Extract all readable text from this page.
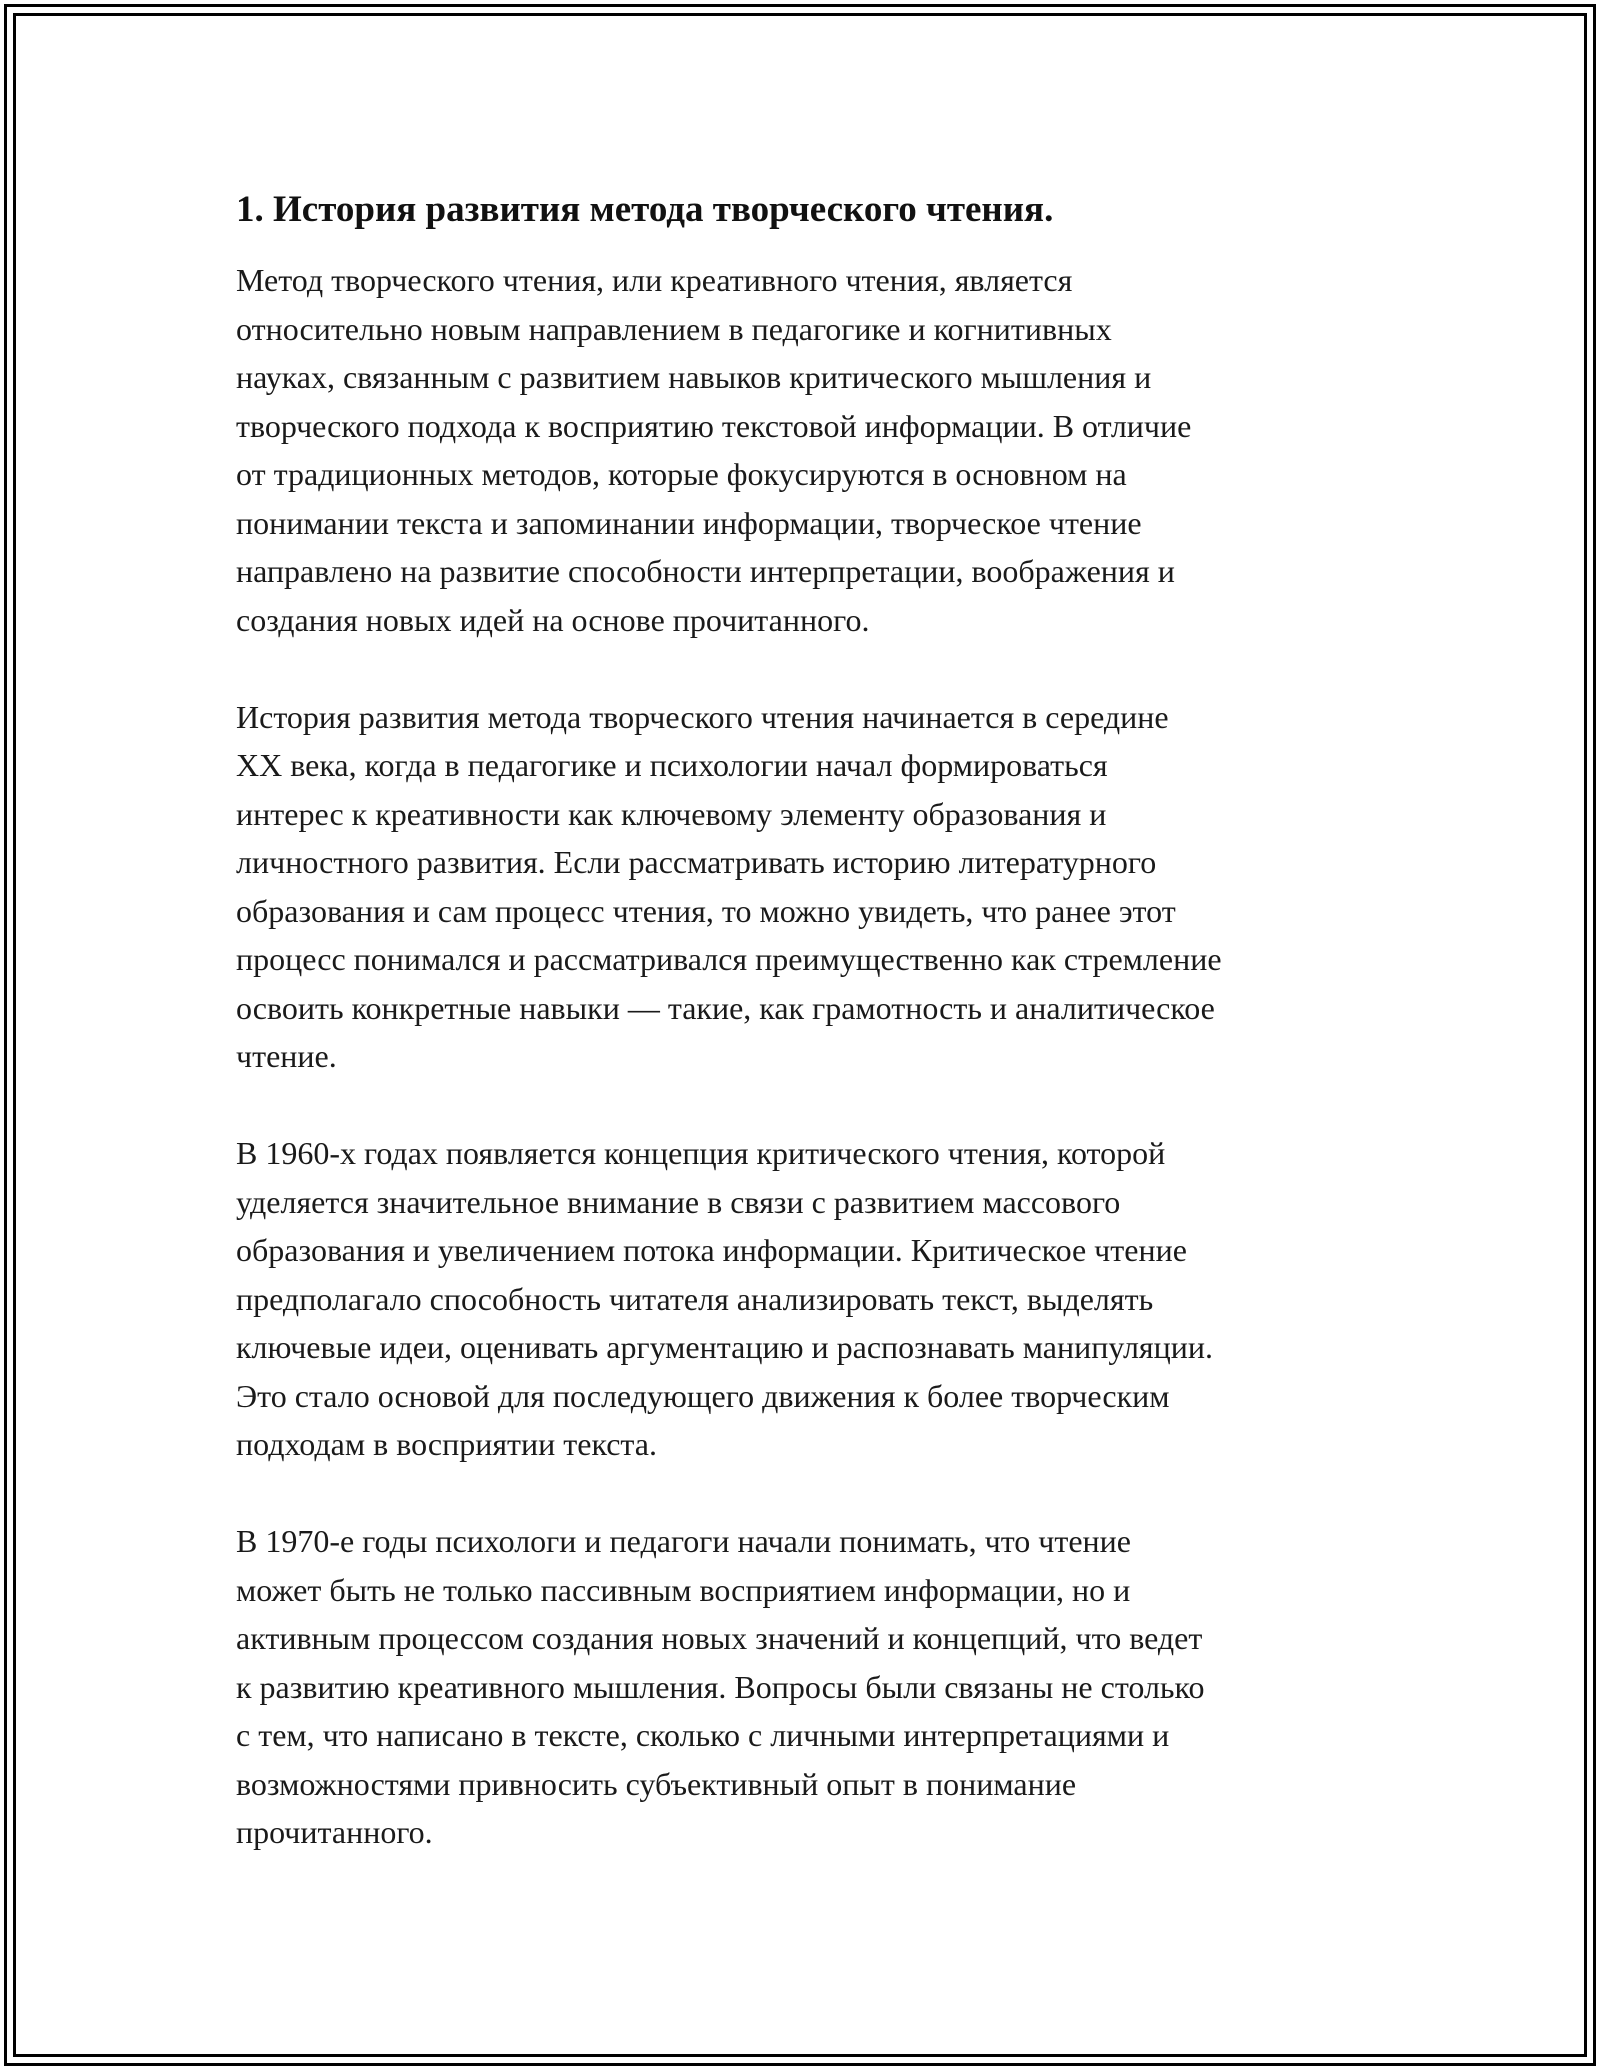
1. История развития метода творческого чтения.

Метод творческого чтения, или креативного чтения, является
относительно новым направлением в педагогике и когнитивных
науках, связанным с развитием навыков критического мышления и
творческого подхода к восприятию текстовой информации. В отличие
от традиционных методов, которые фокусируются в основном на
понимании текста и запоминании информации, творческое чтение
направлено на развитие способности интерпретации, воображения и
создания новых идей на основе прочитанного.

История развития метода творческого чтения начинается в середине
XX века, когда в педагогике и психологии начал формироваться
интерес к креативности как ключевому элементу образования и
личностного развития. Если рассматривать историю литературного
образования и сам процесс чтения, то можно увидеть, что ранее этот
процесс понимался и рассматривался преимущественно как стремление
освоить конкретные навыки — такие, как грамотность и аналитическое
чтение.

В 1960-х годах появляется концепция критического чтения, которой
уделяется значительное внимание в связи с развитием массового
образования и увеличением потока информации. Критическое чтение
предполагало способность читателя анализировать текст, выделять
ключевые идеи, оценивать аргументацию и распознавать манипуляции.
Это стало основой для последующего движения к более творческим
подходам в восприятии текста.

В 1970-е годы психологи и педагоги начали понимать, что чтение
может быть не только пассивным восприятием информации, но и
активным процессом создания новых значений и концепций, что ведет
к развитию креативного мышления. Вопросы были связаны не столько
с тем, что написано в тексте, сколько с личными интерпретациями и
возможностями привносить субъективный опыт в понимание
прочитанного.
